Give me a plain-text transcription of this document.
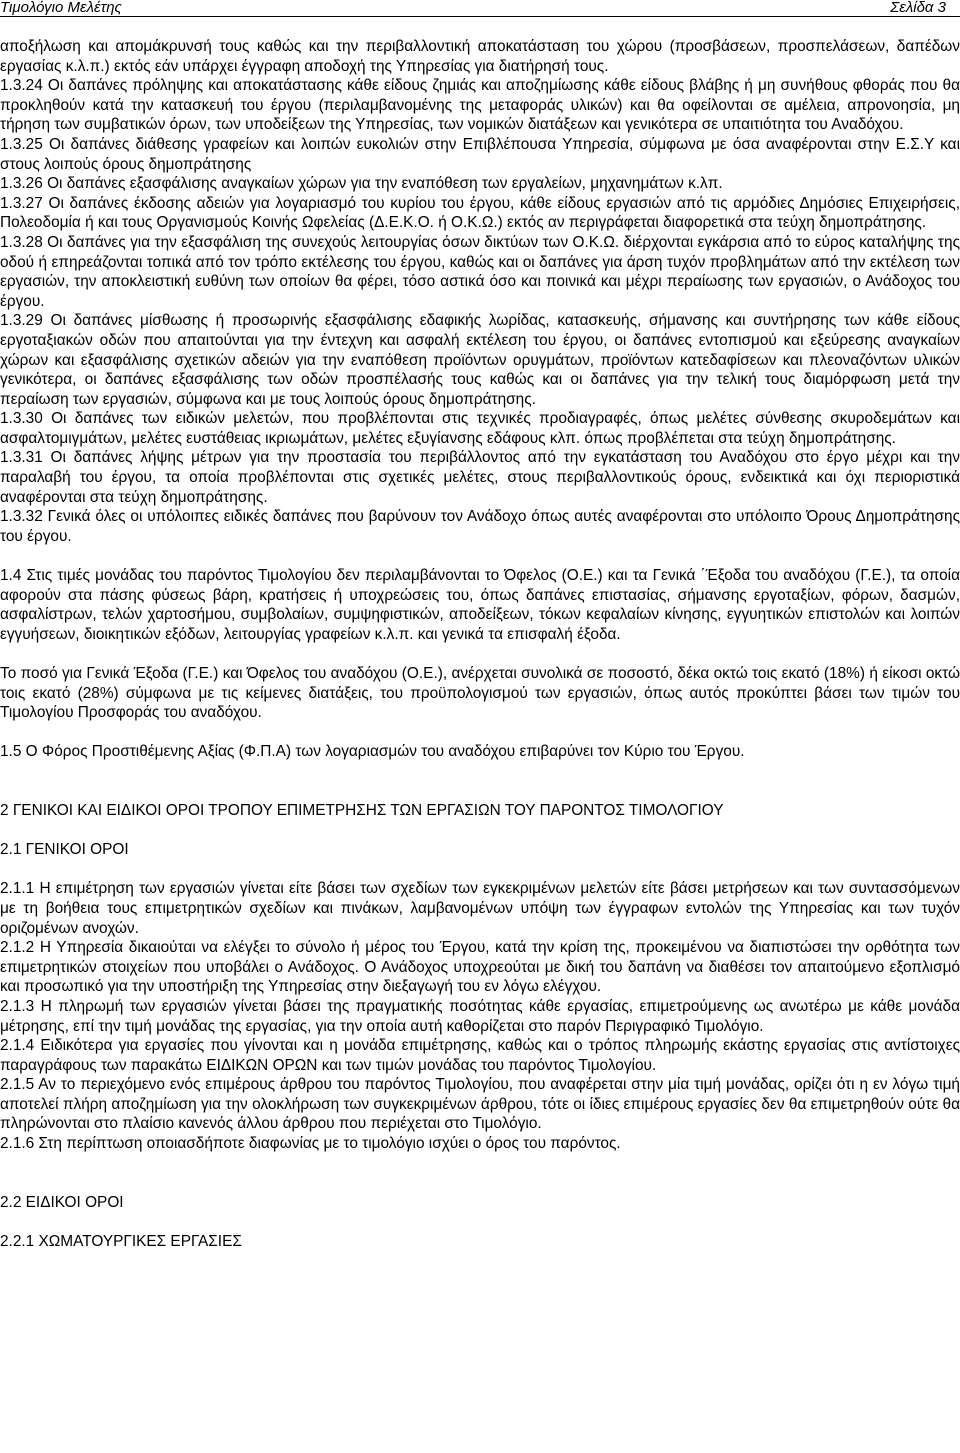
Τιμολόγιο Μελέτης	Σελίδα 3

αποξήλωση και απομάκρυνσή τους καθώς και την περιβαλλοντική αποκατάσταση του χώρου (προσβάσεων, προσπελάσεων, δαπέδων εργασίας κ.λ.π.) εκτός εάν υπάρχει έγγραφη αποδοχή της Υπηρεσίας για διατήρησή τους.

1.3.24 Οι δαπάνες πρόληψης και αποκατάστασης κάθε είδους ζημιάς και αποζημίωσης κάθε είδους βλάβης ή μη συνήθους φθοράς που θα προκληθούν κατά την κατασκευή του έργου (περιλαμβανομένης της μεταφοράς υλικών) και θα οφείλονται σε αμέλεια, απρονοησία, μη τήρηση των συμβατικών όρων, των υποδείξεων της Υπηρεσίας, των νομικών διατάξεων και γενικότερα σε υπαιτιότητα του Αναδόχου.

1.3.25 Οι δαπάνες διάθεσης γραφείων και λοιπών ευκολιών στην Επιβλέπουσα Υπηρεσία, σύμφωνα με όσα αναφέρονται στην Ε.Σ.Υ και στους λοιπούς όρους δημοπράτησης

1.3.26 Οι δαπάνες εξασφάλισης αναγκαίων χώρων για την εναπόθεση των εργαλείων, μηχανημάτων κ.λπ.

1.3.27 Οι δαπάνες έκδοσης αδειών για λογαριασμό του κυρίου του έργου, κάθε είδους εργασιών από τις αρμόδιες Δημόσιες Επιχειρήσεις, Πολεοδομία ή και τους Οργανισμούς Κοινής Ωφελείας (Δ.Ε.Κ.Ο. ή Ο.Κ.Ω.) εκτός αν περιγράφεται διαφορετικά στα τεύχη δημοπράτησης.

1.3.28 Οι δαπάνες για την εξασφάλιση της συνεχούς λειτουργίας όσων δικτύων των Ο.Κ.Ω. διέρχονται εγκάρσια από το εύρος καταλήψης της οδού ή επηρεάζονται τοπικά από τον τρόπο εκτέλεσης του έργου, καθώς και οι δαπάνες για άρση τυχόν προβλημάτων από την εκτέλεση των εργασιών, την αποκλειστική ευθύνη των οποίων θα φέρει, τόσο αστικά όσο και ποινικά και μέχρι περαίωσης των εργασιών, ο Ανάδοχος του έργου.

1.3.29 Οι δαπάνες μίσθωσης ή προσωρινής εξασφάλισης εδαφικής λωρίδας, κατασκευής, σήμανσης και συντήρησης των κάθε είδους εργοταξιακών οδών που απαιτούνται για την έντεχνη και ασφαλή εκτέλεση του έργου, οι δαπάνες εντοπισμού και εξεύρεσης αναγκαίων χώρων και εξασφάλισης σχετικών αδειών για την εναπόθεση προϊόντων ορυγμάτων, προϊόντων κατεδαφίσεων και πλεοναζόντων υλικών γενικότερα, οι δαπάνες εξασφάλισης των οδών προσπέλασής τους καθώς και οι δαπάνες για την τελική τους διαμόρφωση μετά την περαίωση των εργασιών, σύμφωνα και με τους λοιπούς όρους δημοπράτησης.

1.3.30 Οι δαπάνες των ειδικών μελετών, που προβλέπονται στις τεχνικές προδιαγραφές, όπως μελέτες σύνθεσης σκυροδεμάτων και ασφαλτομιγμάτων, μελέτες ευστάθειας ικριωμάτων, μελέτες εξυγίανσης εδάφους κλπ. όπως προβλέπεται στα τεύχη δημοπράτησης.

1.3.31 Οι δαπάνες λήψης μέτρων για την προστασία του περιβάλλοντος από την εγκατάσταση του Αναδόχου στο έργο μέχρι και την παραλαβή του έργου, τα οποία προβλέπονται στις σχετικές μελέτες, στους περιβαλλοντικούς όρους, ενδεικτικά και όχι περιοριστικά αναφέρονται στα τεύχη δημοπράτησης.

1.3.32 Γενικά όλες οι υπόλοιπες ειδικές δαπάνες που βαρύνουν τον Ανάδοχο όπως αυτές αναφέρονται στο υπόλοιπο Όρους Δημοπράτησης του έργου.

1.4 Στις τιμές μονάδας του παρόντος Τιμολογίου δεν περιλαμβάνονται το Όφελος (Ο.Ε.) και τα Γενικά ΄Έξοδα του αναδόχου (Γ.Ε.), τα οποία αφορούν στα πάσης φύσεως βάρη, κρατήσεις ή υποχρεώσεις του, όπως δαπάνες επιστασίας, σήμανσης εργοταξίων, φόρων, δασμών, ασφαλίστρων, τελών χαρτοσήμου, συμβολαίων, συμψηφιστικών, αποδείξεων, τόκων κεφαλαίων κίνησης, εγγυητικών επιστολών και λοιπών εγγυήσεων, διοικητικών εξόδων, λειτουργίας γραφείων κ.λ.π. και γενικά τα επισφαλή έξοδα.

Το ποσό για Γενικά Έξοδα (Γ.Ε.) και Όφελος του αναδόχου (Ο.Ε.), ανέρχεται συνολικά σε ποσοστό, δέκα οκτώ τοις εκατό (18%) ή είκοσι οκτώ τοις εκατό (28%) σύμφωνα με τις κείμενες διατάξεις, του προϋπολογισμού των εργασιών, όπως αυτός προκύπτει βάσει των τιμών του Τιμολογίου Προσφοράς του αναδόχου.

1.5 Ο Φόρος Προστιθέμενης Αξίας (Φ.Π.Α) των λογαριασμών του αναδόχου επιβαρύνει τον Κύριο του Έργου.

2 ΓΕΝΙΚΟΙ ΚΑΙ ΕΙΔΙΚΟΙ ΟΡΟΙ ΤΡΟΠΟΥ ΕΠΙΜΕΤΡΗΣΗΣ ΤΩΝ ΕΡΓΑΣΙΩΝ ΤΟΥ ΠΑΡΟΝΤΟΣ ΤΙΜΟΛΟΓΙΟΥ

2.1 ΓΕΝΙΚΟΙ ΟΡΟΙ

2.1.1 Η επιμέτρηση των εργασιών γίνεται είτε βάσει των σχεδίων των εγκεκριμένων μελετών είτε βάσει μετρήσεων και των συντασσόμενων με τη βοήθεια τους επιμετρητικών σχεδίων και πινάκων, λαμβανομένων υπόψη των έγγραφων εντολών της Υπηρεσίας και των τυχόν οριζομένων ανοχών.

2.1.2 Η Υπηρεσία δικαιούται να ελέγξει το σύνολο ή μέρος του Έργου, κατά την κρίση της, προκειμένου να διαπιστώσει την ορθότητα των επιμετρητικών στοιχείων που υποβάλει ο Ανάδοχος. Ο Ανάδοχος υποχρεούται με δική του δαπάνη να διαθέσει τον απαιτούμενο εξοπλισμό και προσωπικό για την υποστήριξη της Υπηρεσίας στην διεξαγωγή του εν λόγω ελέγχου.

2.1.3 Η πληρωμή των εργασιών γίνεται βάσει της πραγματικής ποσότητας κάθε εργασίας, επιμετρούμενης ως ανωτέρω με κάθε μονάδα μέτρησης, επί την τιμή μονάδας της εργασίας, για την οποία αυτή καθορίζεται στο παρόν Περιγραφικό Τιμολόγιο.

2.1.4 Ειδικότερα για εργασίες που γίνονται και η μονάδα επιμέτρησης, καθώς και ο τρόπος πληρωμής εκάστης εργασίας στις αντίστοιχες παραγράφους των παρακάτω ΕΙΔΙΚΩΝ ΟΡΩΝ και των τιμών μονάδας του παρόντος Τιμολογίου.

2.1.5 Αν το περιεχόμενο ενός επιμέρους άρθρου του παρόντος Τιμολογίου, που αναφέρεται στην μία τιμή μονάδας, ορίζει ότι η εν λόγω τιμή αποτελεί πλήρη αποζημίωση για την ολοκλήρωση των συγκεκριμένων άρθρου, τότε οι ίδιες επιμέρους εργασίες δεν θα επιμετρηθούν ούτε θα πληρώνονται στο πλαίσιο κανενός άλλου άρθρου που περιέχεται στο Τιμολόγιο.

2.1.6 Στη περίπτωση οποιασδήποτε διαφωνίας με το τιμολόγιο ισχύει ο όρος του παρόντος.

2.2 ΕΙΔΙΚΟΙ ΟΡΟΙ

2.2.1 ΧΩΜΑΤΟΥΡΓΙΚΕΣ ΕΡΓΑΣΙΕΣ
